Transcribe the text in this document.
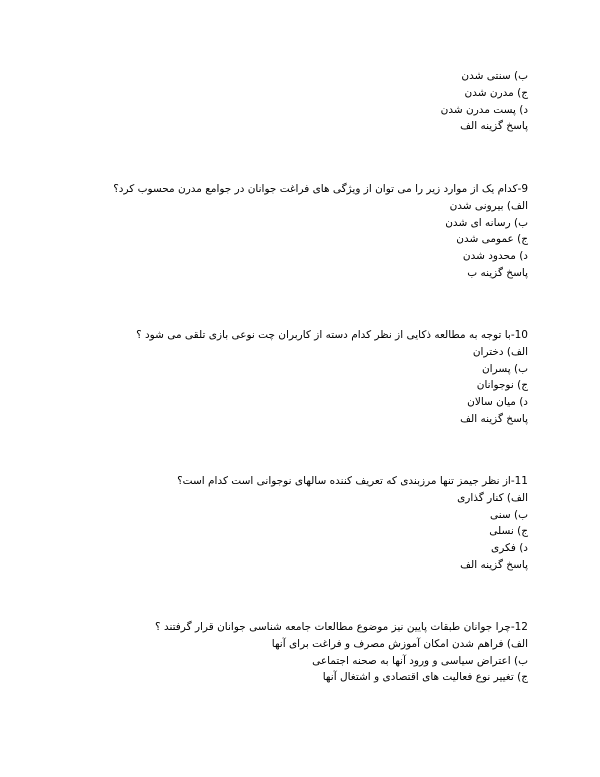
ب) سنتی شدن
ج) مدرن شدن
د) پست مدرن شدن
پاسخ گزینه الف
9-کدام یک از موارد زیر را می توان از ویژگی های فراغت جوانان در جوامع مدرن محسوب کرد؟
الف) بیرونی شدن
ب) رسانه ای شدن
ج) عمومی شدن
د) محدود شدن
پاسخ گزینه ب
10-با توجه به مطالعه ذکایی از نظر کدام دسته از کاربران چت نوعی بازی تلقی می شود ؟
الف) دختران
ب) پسران
ج) نوجوانان
د) میان سالان
پاسخ گزینه الف
11-از نظر جیمز تنها مرزبندی که تعریف کننده سالهای نوجوانی است کدام است؟
الف) کنار گذاری
ب) سنی
ج) نسلی
د) فکری
پاسخ گزینه الف
12-چرا جوانان طبقات پایین نیز موضوع مطالعات جامعه شناسی جوانان قرار گرفتند ؟
الف) فراهم شدن امکان آموزش مصرف و فراغت برای آنها
ب) اعتراض سیاسی و ورود آنها به صحنه اجتماعی
ج) تغییر نوع فعالیت های اقتصادی و اشتغال آنها
